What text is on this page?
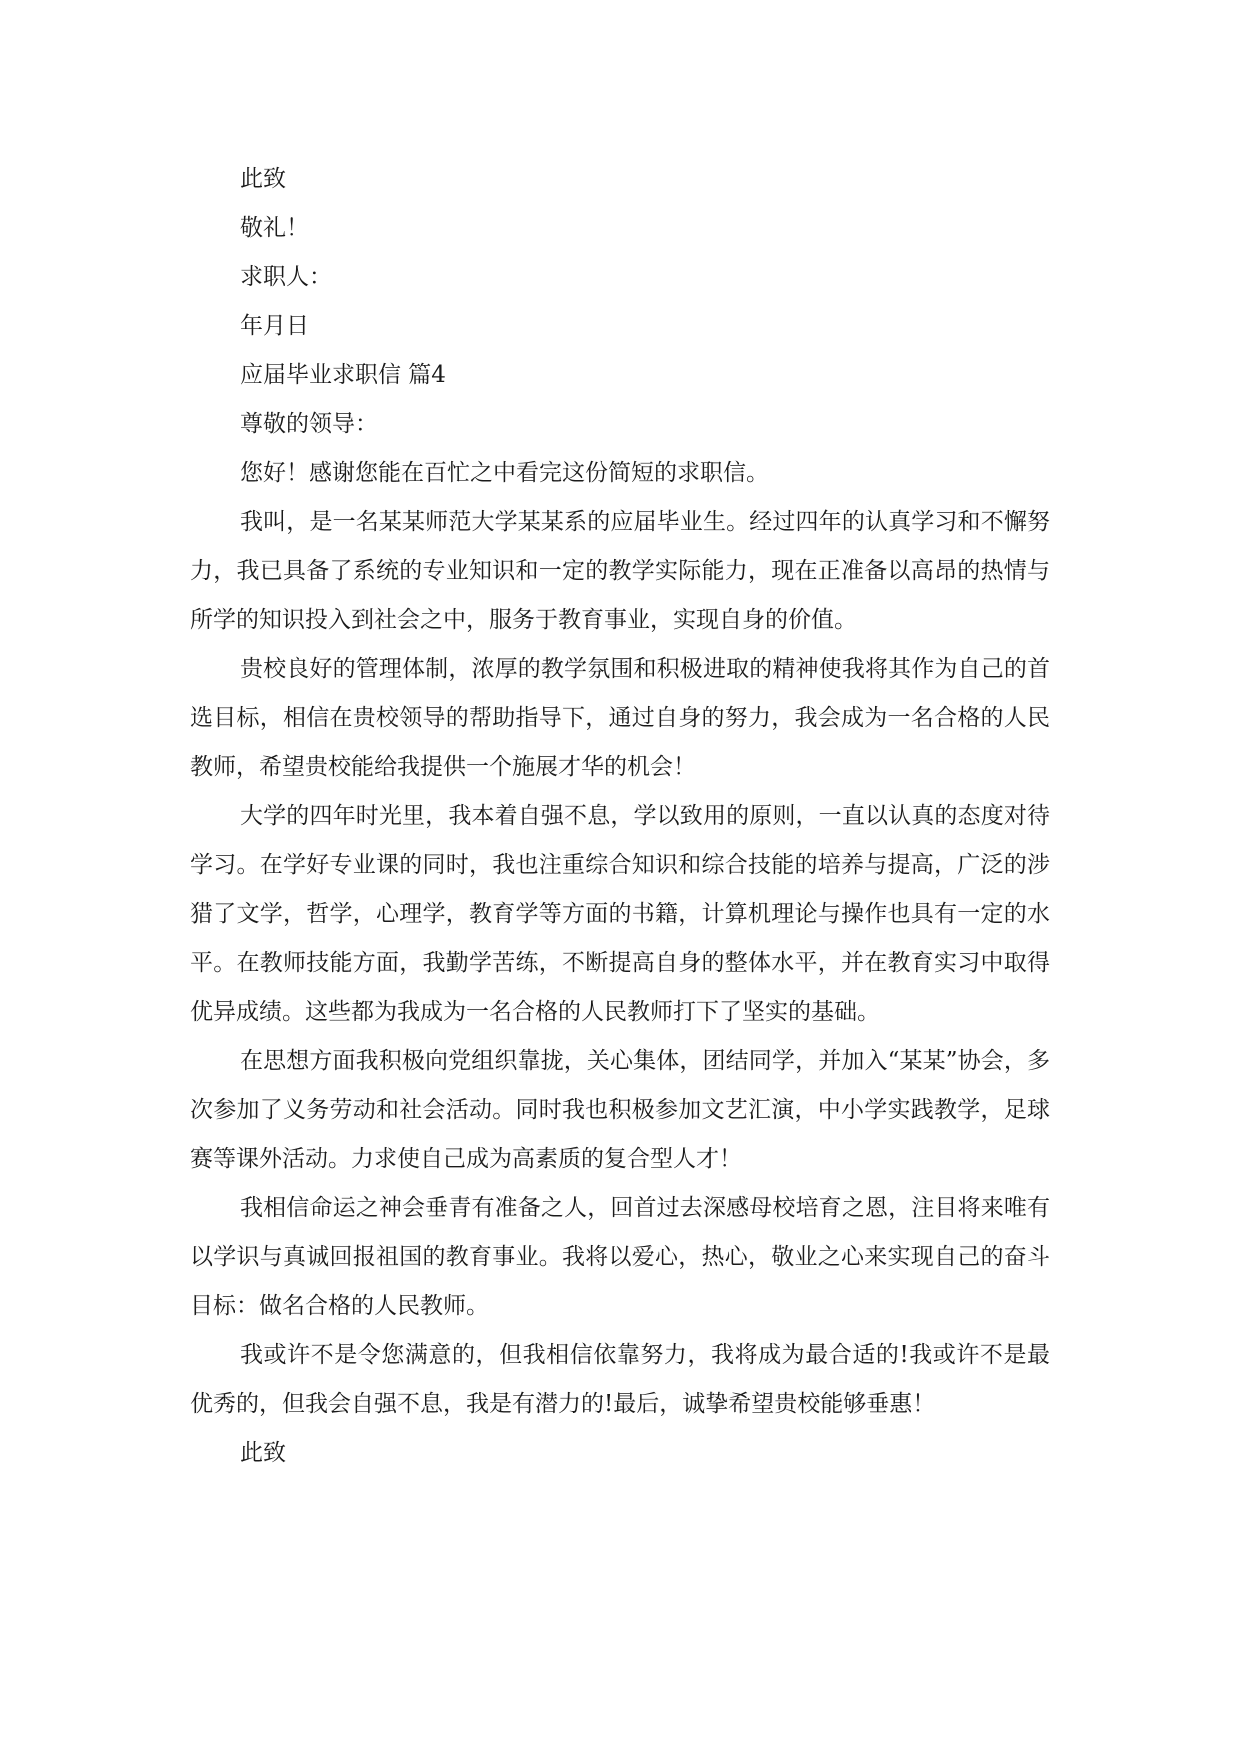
此致

敬礼！

求职人：

年月日

应届毕业求职信 篇4

尊敬的领导：

您好！感谢您能在百忙之中看完这份简短的求职信。

我叫，是一名某某师范大学某某系的应届毕业生。经过四年的认真学习和不懈努力，我已具备了系统的专业知识和一定的教学实际能力，现在正准备以高昂的热情与所学的知识投入到社会之中，服务于教育事业，实现自身的价值。

贵校良好的管理体制，浓厚的教学氛围和积极进取的精神使我将其作为自己的首选目标，相信在贵校领导的帮助指导下，通过自身的努力，我会成为一名合格的人民教师，希望贵校能给我提供一个施展才华的机会！

大学的四年时光里，我本着自强不息，学以致用的原则，一直以认真的态度对待学习。在学好专业课的同时，我也注重综合知识和综合技能的培养与提高，广泛的涉猎了文学，哲学，心理学，教育学等方面的书籍，计算机理论与操作也具有一定的水平。在教师技能方面，我勤学苦练，不断提高自身的整体水平，并在教育实习中取得优异成绩。这些都为我成为一名合格的人民教师打下了坚实的基础。

在思想方面我积极向党组织靠拢，关心集体，团结同学，并加入“某某”协会，多次参加了义务劳动和社会活动。同时我也积极参加文艺汇演，中小学实践教学，足球赛等课外活动。力求使自己成为高素质的复合型人才！

我相信命运之神会垂青有准备之人，回首过去深感母校培育之恩，注目将来唯有以学识与真诚回报祖国的教育事业。我将以爱心，热心，敬业之心来实现自己的奋斗目标：做名合格的人民教师。

我或许不是令您满意的，但我相信依靠努力，我将成为最合适的!我或许不是最优秀的，但我会自强不息，我是有潜力的!最后，诚挚希望贵校能够垂惠！

此致
